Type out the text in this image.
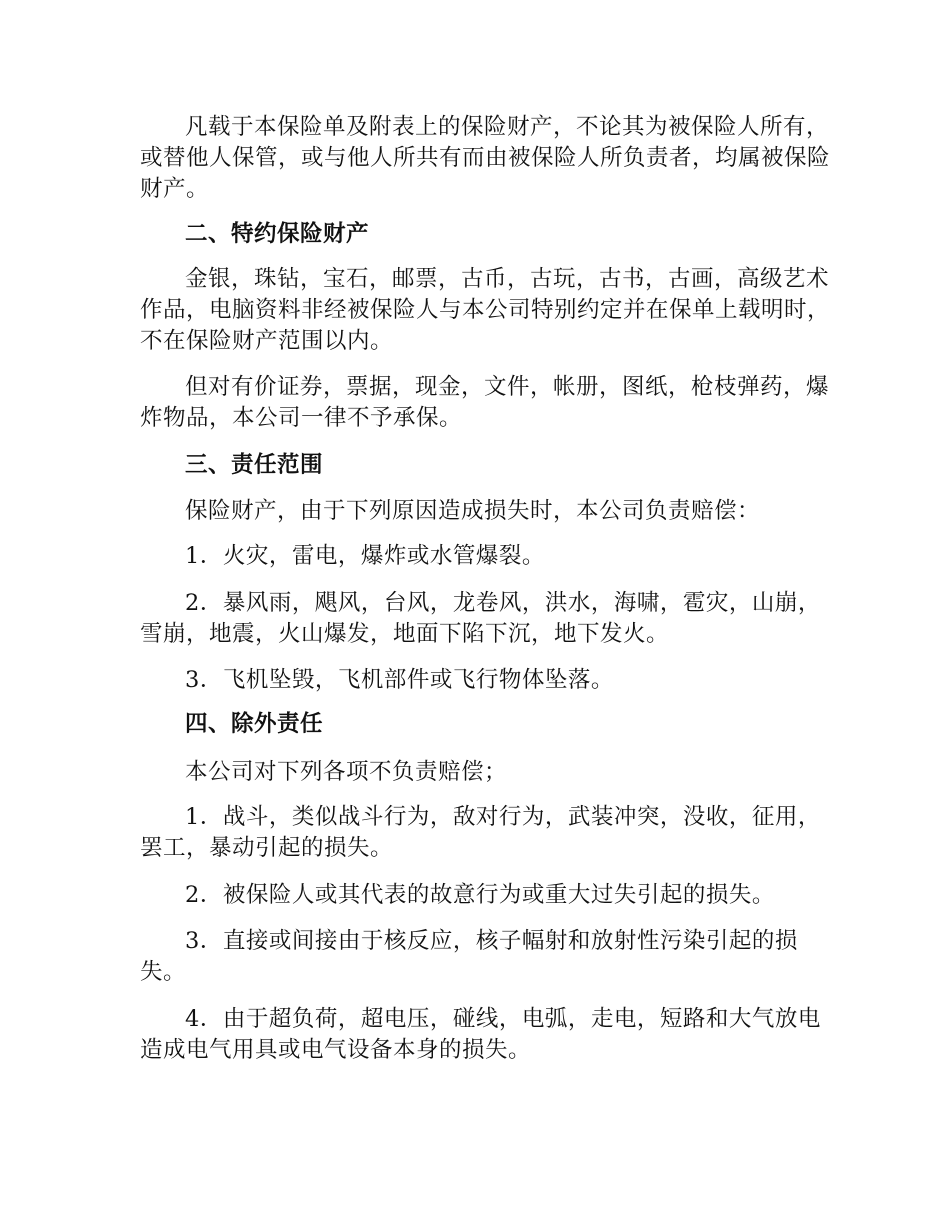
凡载于本保险单及附表上的保险财产，不论其为被保险人所有，或替他人保管，或与他人所共有而由被保险人所负责者，均属被保险财产。

二、特约保险财产

金银，珠钻，宝石，邮票，古币，古玩，古书，古画，高级艺术作品，电脑资料非经被保险人与本公司特别约定并在保单上载明时，不在保险财产范围以内。

但对有价证券，票据，现金，文件，帐册，图纸，枪枝弹药，爆炸物品，本公司一律不予承保。

三、责任范围

保险财产，由于下列原因造成损失时，本公司负责赔偿：

1．火灾，雷电，爆炸或水管爆裂。

2．暴风雨，飓风，台风，龙卷风，洪水，海啸，雹灾，山崩，雪崩，地震，火山爆发，地面下陷下沉，地下发火。

3．飞机坠毁，飞机部件或飞行物体坠落。

四、除外责任

本公司对下列各项不负责赔偿；

1．战斗，类似战斗行为，敌对行为，武装冲突，没收，征用，罢工，暴动引起的损失。

2．被保险人或其代表的故意行为或重大过失引起的损失。

3．直接或间接由于核反应，核子幅射和放射性污染引起的损失。

4．由于超负荷，超电压，碰线，电弧，走电，短路和大气放电造成电气用具或电气设备本身的损失。
